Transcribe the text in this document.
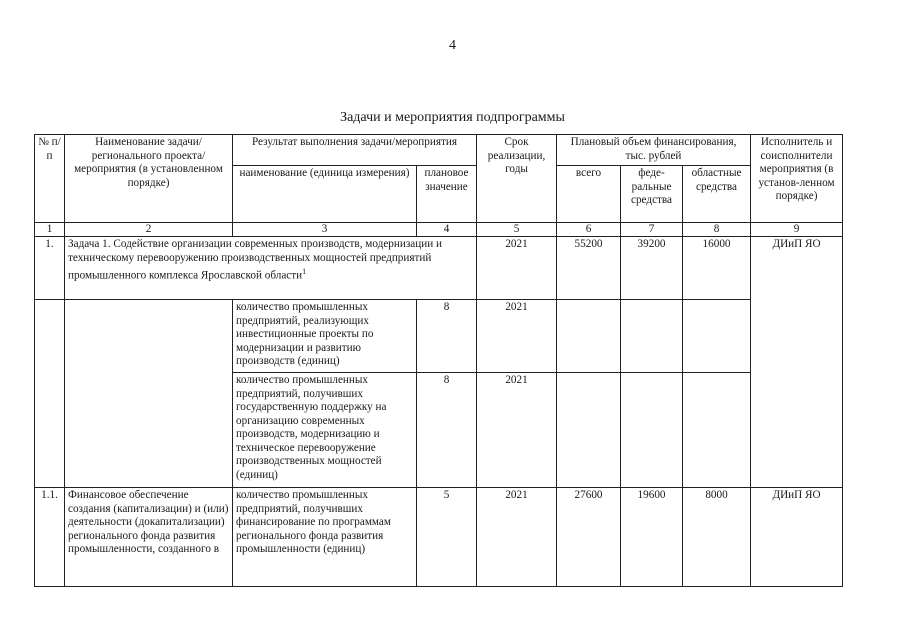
4
Задачи и мероприятия подпрограммы
№ п/п	Наименование задачи/ регионального проекта/ мероприятия (в установленном порядке)	Результат выполнения задачи/мероприятия		Срок реализации, годы	Плановый объем финансирования, тыс. рублей			Исполнитель и соисполнители мероприятия (в установ-ленном порядке)
		наименование (единица измерения)	плановое значение		всего	феде-ральные средства	областные средства	
1	2	3	4	5	6	7	8	9
1.	Задача 1. Содействие организации современных производств, модернизации и техническому перевооружению производственных мощностей предприятий промышленного комплекса Ярославской области$^1$			2021	55200	39200	16000	ДИиП ЯО
		количество промышленных предприятий, реализующих инвестиционные проекты по модернизации и развитию производств (единиц)	8	2021				
		количество промышленных предприятий, получивших государственную поддержку на организацию современных производств, модернизацию и техническое перевооружение производственных мощностей (единиц)	8	2021				
1.1.	Финансовое обеспечение создания (капитализации) и (или) деятельности (докапитализации) регионального фонда развития промышленности, созданного в	количество промышленных предприятий, получивших финансирование по программам регионального фонда развития промышленности (единиц)	5	2021	27600	19600	8000	ДИиП ЯО
